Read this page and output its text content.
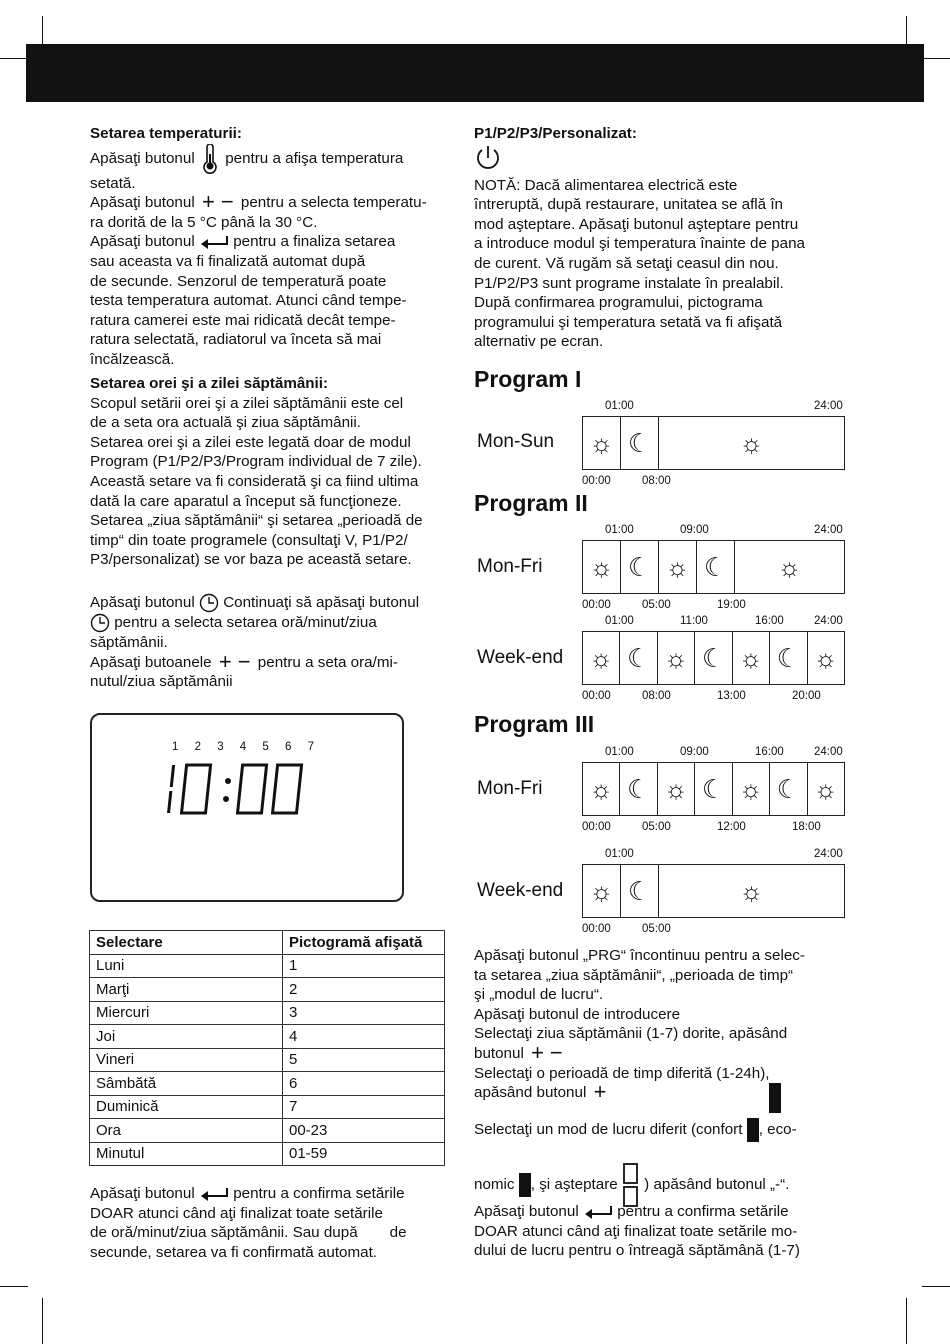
Setarea temperaturii:

Apăsaţi butonul pentru a afişa temperatura

setată.

Apăsaţi butonul + − pentru a selecta temperatu-

ra dorită de la 5 °C până la 30 °C.

Apăsaţi butonul	pentru a finaliza setarea

sau aceasta va fi finalizată automat după

de secunde. Senzorul de temperatură poate

testa temperatura automat. Atunci când tempe-

ratura camerei este mai ridicată decât tempe-

ratura selectată, radiatorul va înceta să mai

încălzească.

Setarea orei şi a zilei săptămânii:

Scopul setării orei şi a zilei săptămânii este cel

de a seta ora actuală şi ziua săptămânii.

Setarea orei şi a zilei este legată doar de modul

Program (P1/P2/P3/Program individual de 7 zile).

Această setare va fi considerată şi ca fiind ultima

dată la care aparatul a început să funcţioneze.

Setarea „ziua săptămânii“ şi setarea „perioadă de

timp“ din toate programele (consultaţi V, P1/P2/

P3/personalizat) se vor baza pe această setare.

Apăsaţi butonul Continuaţi să apăsaţi butonul

pentru a selecta setarea oră/minut/ziua

săptămânii.

Apăsaţi butoanele + − pentru a seta ora/mi-

nutul/ziua săptămânii

1 2 3 4 5 6 7
Selectare	Pictogramă afişată
Luni	1
Marţi	2
Miercuri	3
Joi	4
Vineri	5
Sâmbătă	6
Duminică	7
Ora	00-23
Minutul	01-59

Apăsaţi butonul	pentru a confirma setările

DOAR atunci când aţi finalizat toate setările

de oră/minut/ziua săptămânii. Sau după de

secunde, setarea va fi confirmată automat.

P1/P2/P3/Personalizat:

NOTĂ: Dacă alimentarea electrică este

întreruptă, după restaurare, unitatea se află în

mod aşteptare. Apăsaţi butonul aşteptare pentru

a introduce modul şi temperatura înainte de pana

de curent. Vă rugăm să setaţi ceasul din nou.

P1/P2/P3 sunt programe instalate în prealabil.

După confirmarea programului, pictograma

programului şi temperatura setată va fi afişată

alternativ pe ecran.

Program I
01:00	24:00
Mon-Sun ☼ ☾	☼
00:00	08:00
Program II
01:00	09:00	24:00
Mon-Fri ☼ ☾ ☼ ☾	☼
00:00	05:00	19:00
01:00	11:00	16:00	24:00
Week-end ☼ ☾ ☼ ☾ ☼ ☾ ☼
00:00	08:00	13:00	20:00
Program III
01:00	09:00	16:00	24:00
Mon-Fri ☼ ☾ ☼ ☾ ☼ ☾ ☼
00:00	05:00	12:00	18:00
01:00	24:00
Week-end ☼ ☾	☼
00:00	05:00

Apăsaţi butonul „PRG“ încontinuu pentru a selec-

ta setarea „ziua săptămânii“, „perioada de timp“

şi „modul de lucru“.

Apăsaţi butonul de introducere

Selectaţi ziua săptămânii (1-7) dorite, apăsând

butonul + −

Selectaţi o perioadă de timp diferită (1-24h),

apăsând butonul +

Selectaţi un mod de lucru diferit (confort , eco-

nomic , şi aşteptare ) apăsând butonul „-“.

Apăsaţi butonul	pentru a confirma setările

DOAR atunci când aţi finalizat toate setările mo-

dului de lucru pentru o întreagă săptămână (1-7)
